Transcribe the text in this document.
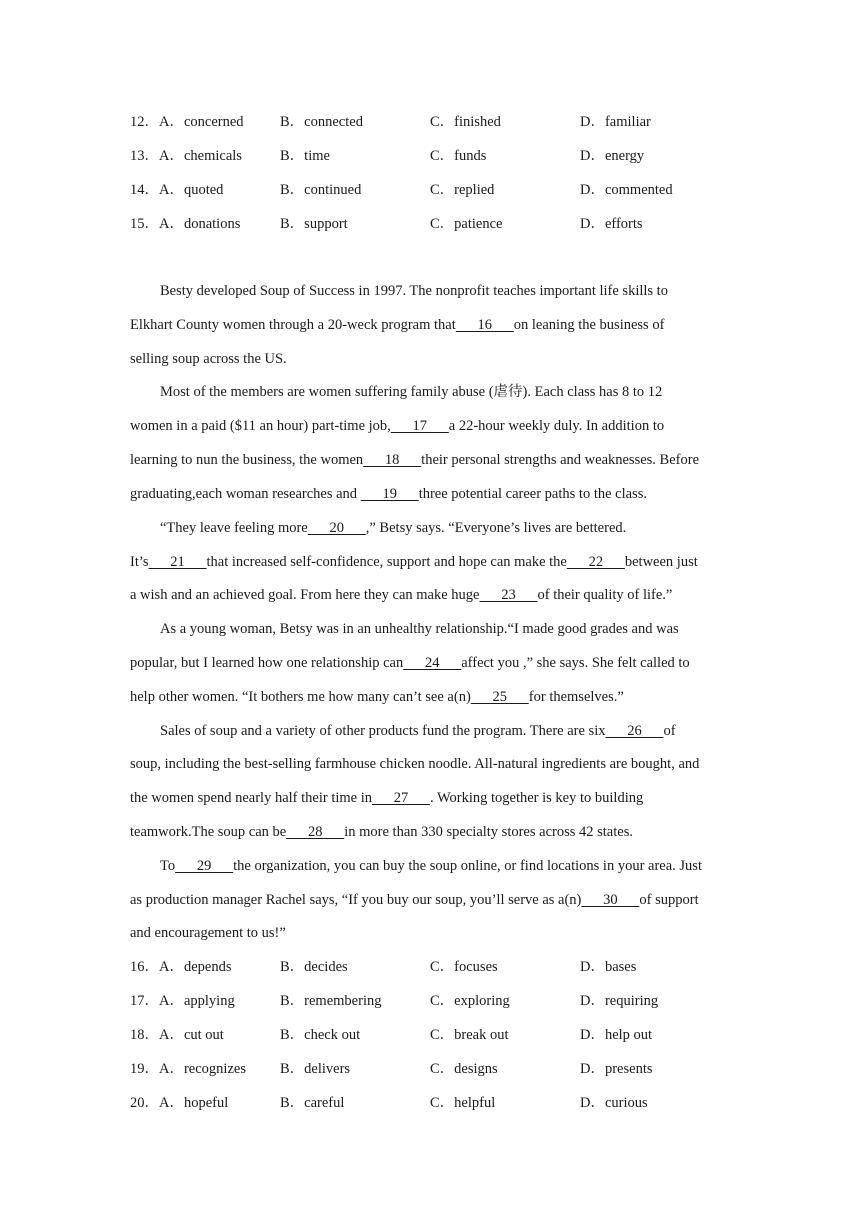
12． A．concerned	B．connected	C．finished	D．familiar
13． A．chemicals	B．time	C．funds	D．energy
14． A．quoted	B．continued	C．replied	D．commented
15． A．donations	B．support	C．patience	D．efforts
Besty developed Soup of Success in 1997. The nonprofit teaches important life skills to
Elkhart County women through a 20-weck program that      16      on leaning the business of
selling soup across the US.
Most of the members are women suffering family abuse (虐待). Each class has 8 to 12
women in a paid ($11 an hour) part-time job,      17      a 22-hour weekly duly. In addition to
learning to nun the business, the women      18      their personal strengths and weaknesses. Before
graduating,each woman researches and       19      three potential career paths to the class.
“They leave feeling more      20      ,” Betsy says. “Everyone’s lives are bettered.
It’s      21      that increased self-confidence, support and hope can make the      22      between just
a wish and an achieved goal. From here they can make huge      23      of their quality of life.”
As a young woman, Betsy was in an unhealthy relationship.“I made good grades and was
popular, but I learned how one relationship can      24      affect you ,” she says. She felt called to
help other women. “It bothers me how many can’t see a(n)      25      for themselves.”
Sales of soup and a variety of other products fund the program. There are six      26      of
soup, including the best-selling farmhouse chicken noodle. All-natural ingredients are bought, and
the women spend nearly half their time in      27      . Working together is key to building
teamwork.The soup can be      28      in more than 330 specialty stores across 42 states.
To      29      the organization, you can buy the soup online, or find locations in your area. Just
as production manager Rachel says, “If you buy our soup, you’ll serve as a(n)      30      of support
and encouragement to us!”
16． A．depends	B．decides	C．focuses	D．bases
17． A．applying	B．remembering	C．exploring	D．requiring
18． A．cut out	B．check out	C．break out	D．help out
19． A．recognizes B．delivers	C．designs	D．presents
20． A．hopeful	B．careful	C．helpful	D．curious
